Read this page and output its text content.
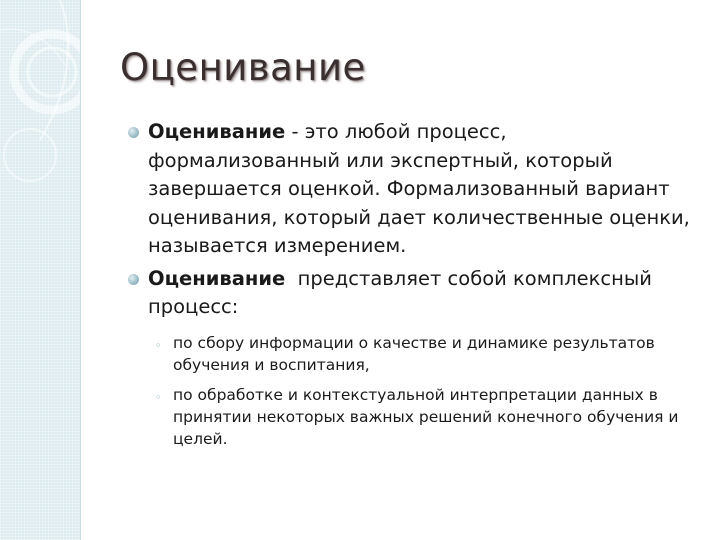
Оценивание
Оценивание - это любой процесс, формализованный или экспертный, который завершается оценкой. Формализованный вариант оценивания, который дает количественные оценки, называется измерением.
Оценивание  представляет собой комплексный  процесс:
◦ по сбору информации о качестве и динамике результатов обучения и воспитания,
◦ по обработке и контекстуальной интерпретации данных в принятии некоторых важных решений конечного обучения и целей.
